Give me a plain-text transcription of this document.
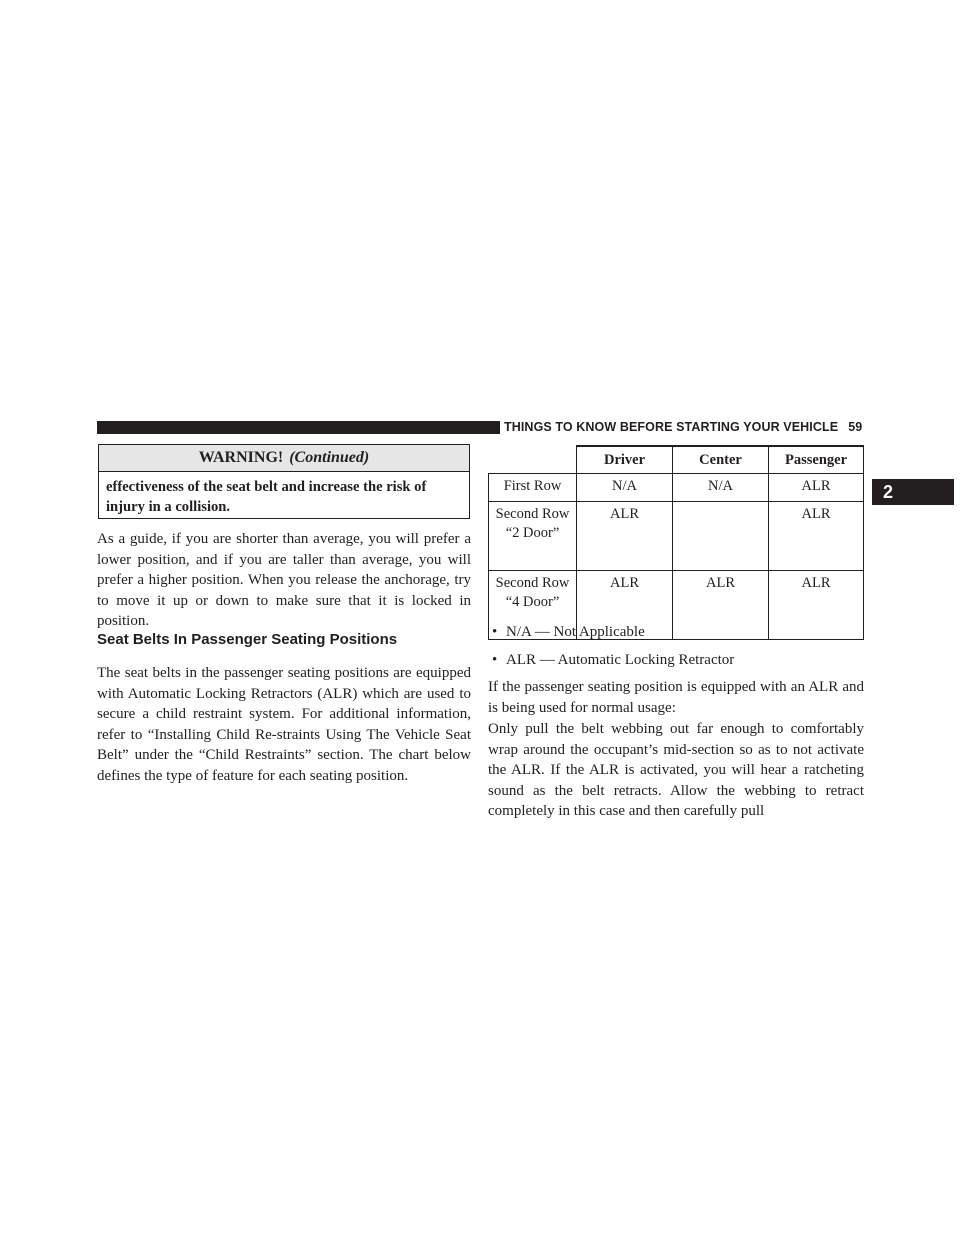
THINGS TO KNOW BEFORE STARTING YOUR VEHICLE 59
2
WARNING! (Continued)
effectiveness of the seat belt and increase the risk of injury in a collision.
As a guide, if you are shorter than average, you will prefer a lower position, and if you are taller than average, you will prefer a higher position. When you release the anchorage, try to move it up or down to make sure that it is locked in position.
Seat Belts In Passenger Seating Positions
The seat belts in the passenger seating positions are equipped with Automatic Locking Retractors (ALR) which are used to secure a child restraint system. For additional information, refer to “Installing Child Re-straints Using The Vehicle Seat Belt” under the “Child Restraints” section. The chart below defines the type of feature for each seating position.
	Driver	Center	Passenger
First Row	N/A	N/A	ALR
Second Row “2 Door”	ALR		ALR
Second Row “4 Door”	ALR	ALR	ALR
• N/A — Not Applicable
• ALR — Automatic Locking Retractor
If the passenger seating position is equipped with an ALR and is being used for normal usage:
Only pull the belt webbing out far enough to comfortably wrap around the occupant’s mid-section so as to not activate the ALR. If the ALR is activated, you will hear a ratcheting sound as the belt retracts. Allow the webbing to retract completely in this case and then carefully pull
